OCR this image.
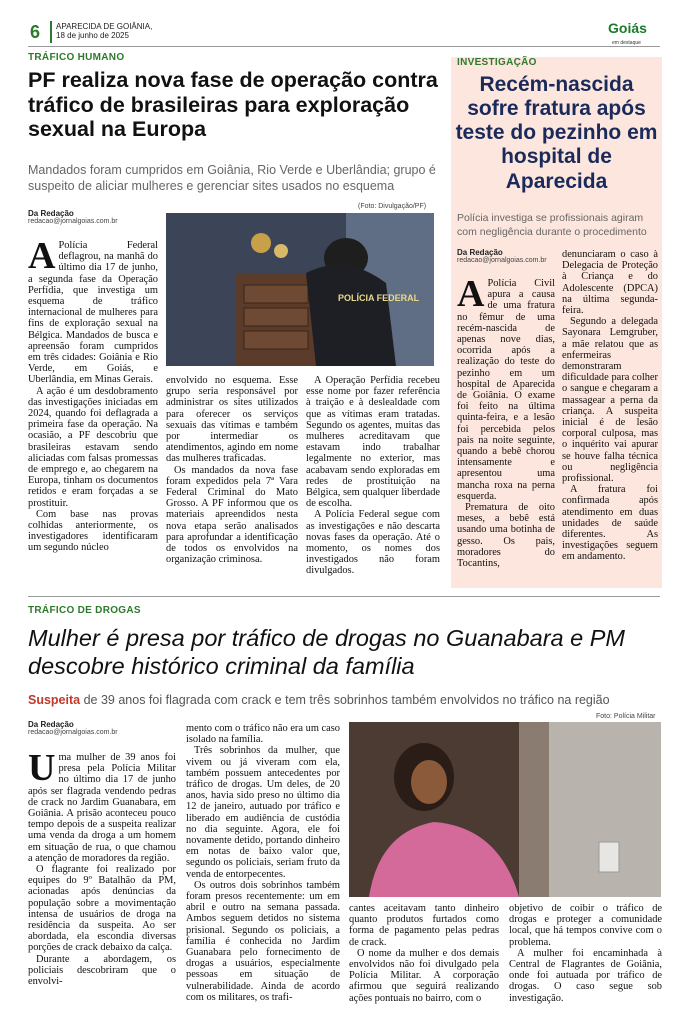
6 APARECIDA DE GOIÂNIA,
18 de junho de 2025	Goiás
em destaque
TRÁFICO HUMANO
PF realiza nova fase de operação contra tráfico de brasileiras para exploração sexual na Europa
Mandados foram cumpridos em Goiânia, Rio Verde e Uberlândia; grupo é suspeito de aliciar mulheres e gerenciar sites usados no esquema
Da Redação
redacao@jornalgoias.com.br
(Foto: Divulgação/PF)
POLÍCIA FEDERAL
A Polícia Federal deflagrou, na manhã do último dia 17 de junho, a segunda fase da Operação Perfídia, que investiga um esquema de tráfico internacional de mulheres para fins de exploração sexual na Bélgica. Mandados de busca e apreensão foram cumpridos em três cidades: Goiânia e Rio Verde, em Goiás, e Uberlândia, em Minas Gerais.

A ação é um desdobramento das investigações iniciadas em 2024, quando foi deflagrada a primeira fase da operação. Na ocasião, a PF descobriu que brasileiras estavam sendo aliciadas com falsas promessas de emprego e, ao chegarem na Europa, tinham os documentos retidos e eram forçadas a se prostituir.

Com base nas provas colhidas anteriormente, os investigadores identificaram um segundo núcleo

envolvido no esquema. Esse grupo seria responsável por administrar os sites utilizados para oferecer os serviços sexuais das vítimas e também por intermediar os atendimentos, agindo em nome das mulheres traficadas.

Os mandados da nova fase foram expedidos pela 7ª Vara Federal Criminal do Mato Grosso. A PF informou que os materiais apreendidos nesta nova etapa serão analisados para aprofundar a identificação de todos os envolvidos na organização criminosa.

A Operação Perfídia recebeu esse nome por fazer referência à traição e à deslealdade com que as vítimas eram tratadas. Segundo os agentes, muitas das mulheres acreditavam que estavam indo trabalhar legalmente no exterior, mas acabavam sendo exploradas em redes de prostituição na Bélgica, sem qualquer liberdade de escolha.

A Polícia Federal segue com as investigações e não descarta novas fases da operação. Até o momento, os nomes dos investigados não foram divulgados.

INVESTIGAÇÃO
Recém-nascida sofre fratura após teste do pezinho em hospital de Aparecida
Polícia investiga se profissionais agiram com negligência durante o procedimento
Da Redação
redacao@jornalgoias.com.br
A Polícia Civil apura a causa de uma fratura no fêmur de uma recém-nascida de apenas nove dias, ocorrida após a realização do teste do pezinho em um hospital de Aparecida de Goiânia. O exame foi feito na última quinta-feira, e a lesão foi percebida pelos pais na noite seguinte, quando a bebê chorou intensamente e apresentou uma mancha roxa na perna esquerda.

Prematura de oito meses, a bebê está usando uma botinha de gesso. Os pais, moradores do Tocantins,

denunciaram o caso à Delegacia de Proteção à Criança e do Adolescente (DPCA) na última segunda-feira.

Segundo a delegada Sayonara Lemgruber, a mãe relatou que as enfermeiras demonstraram dificuldade para colher o sangue e chegaram a massagear a perna da criança. A suspeita inicial é de lesão corporal culposa, mas o inquérito vai apurar se houve falha técnica ou negligência profissional.

A fratura foi confirmada após atendimento em duas unidades de saúde diferentes. As investigações seguem em andamento.

TRÁFICO DE DROGAS
Mulher é presa por tráfico de drogas no Guanabara e PM descobre histórico criminal da família
Suspeita de 39 anos foi flagrada com crack e tem três sobrinhos também envolvidos no tráfico na região
Da Redação
redacao@jornalgoias.com.br
Foto: Polícia Militar
U ma mulher de 39 anos foi presa pela Polícia Militar no último dia 17 de junho após ser flagrada vendendo pedras de crack no Jardim Guanabara, em Goiânia. A prisão aconteceu pouco tempo depois de a suspeita realizar uma venda da droga a um homem em situação de rua, o que chamou a atenção de moradores da região.

O flagrante foi realizado por equipes do 9º Batalhão da PM, acionadas após denúncias da população sobre a movimentação intensa de usuários de droga na residência da suspeita. Ao ser abordada, ela escondia diversas porções de crack debaixo da calça.

Durante a abordagem, os policiais descobriram que o envolvi-

mento com o tráfico não era um caso isolado na família.

Três sobrinhos da mulher, que vivem ou já viveram com ela, também possuem antecedentes por tráfico de drogas. Um deles, de 20 anos, havia sido preso no último dia 12 de janeiro, autuado por tráfico e liberado em audiência de custódia no dia seguinte. Agora, ele foi novamente detido, portando dinheiro em notas de baixo valor que, segundo os policiais, seriam fruto da venda de entorpecentes.

Os outros dois sobrinhos também foram presos recentemente: um em abril e outro na semana passada. Ambos seguem detidos no sistema prisional. Segundo os policiais, a família é conhecida no Jardim Guanabara pelo fornecimento de drogas a usuários, especialmente pessoas em situação de vulnerabilidade. Ainda de acordo com os militares, os trafi-

cantes aceitavam tanto dinheiro quanto produtos furtados como forma de pagamento pelas pedras de crack.

O nome da mulher e dos demais envolvidos não foi divulgado pela Polícia Militar. A corporação afirmou que seguirá realizando ações pontuais no bairro, com o

objetivo de coibir o tráfico de drogas e proteger a comunidade local, que há tempos convive com o problema.

A mulher foi encaminhada à Central de Flagrantes de Goiânia, onde foi autuada por tráfico de drogas. O caso segue sob investigação.
